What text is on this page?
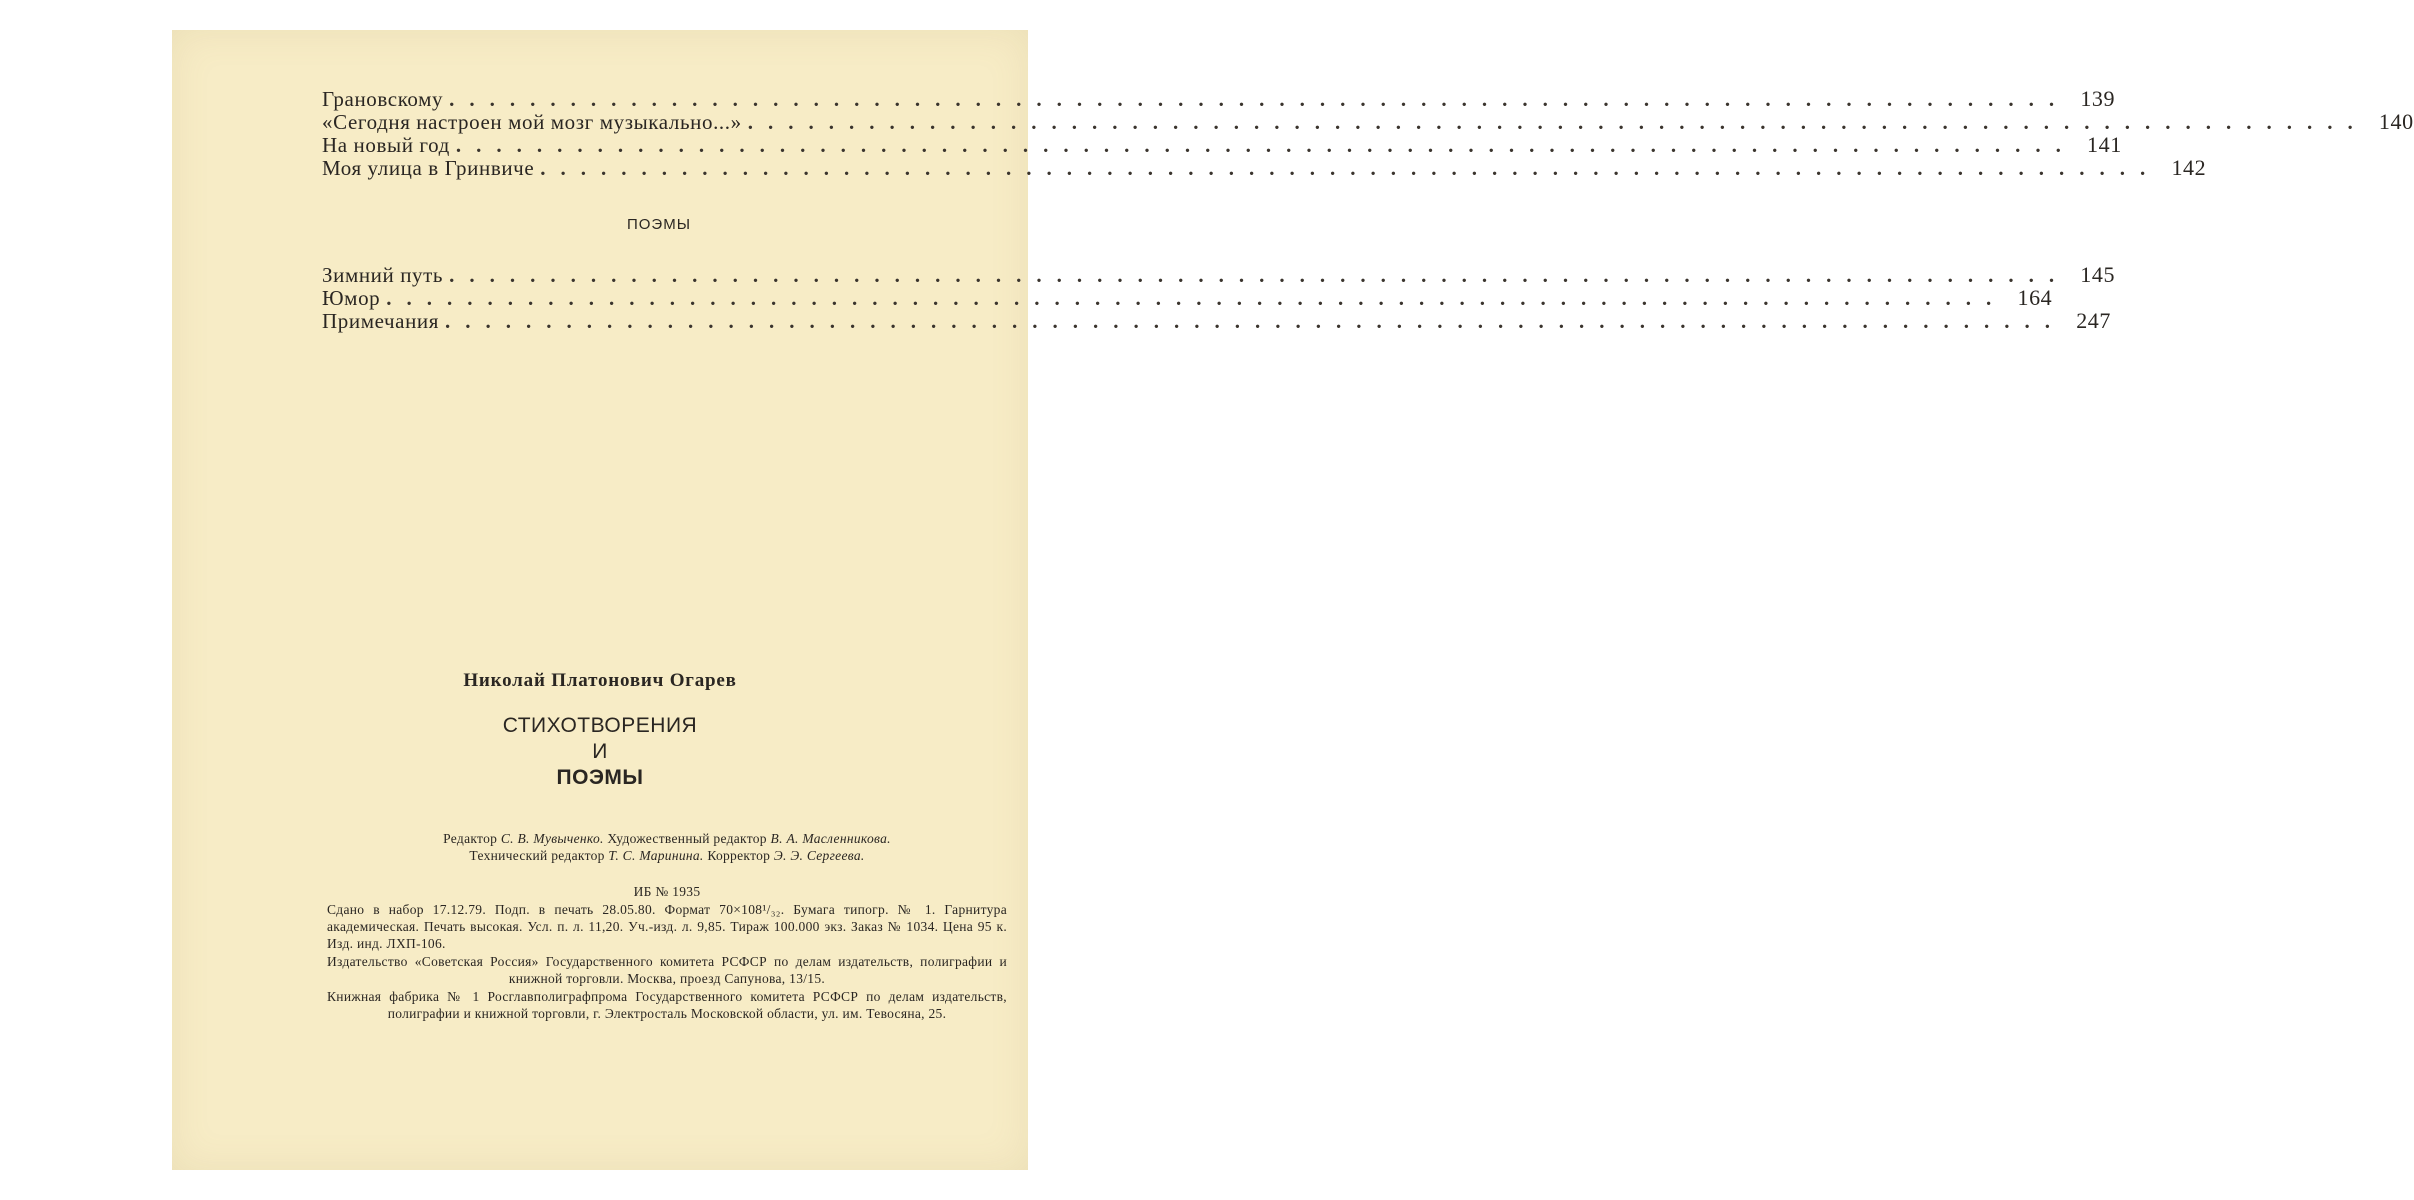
Грановскому ................................................................................ 139
«Сегодня настроен мой мозг музыкально...» ................................................................................ 140
На новый год ................................................................................ 141
Моя улица в Гринвиче ................................................................................ 142
ПОЭМЫ
Зимний путь ................................................................................ 145
Юмор ................................................................................ 164
Примечания ................................................................................ 247
Николай Платонович Огарев
СТИХОТВОРЕНИЯ
И
ПОЭМЫ

Редактор С. В. Мувыченко. Художественный редактор В. А. Масленникова.

Технический редактор Т. С. Маринина. Корректор Э. Э. Сергеева.

ИБ № 1935
Сдано в набор 17.12.79. Подп. в печать 28.05.80. Формат 70×108¹/₃₂. Бумага типогр. № 1. Гарнитура академическая. Печать высокая. Усл. п. л. 11,20. Уч.-изд. л. 9,85. Тираж 100.000 экз. Заказ № 1034. Цена 95 к. Изд. инд. ЛХП-106.
Издательство «Советская Россия» Государственного комитета РСФСР по делам издательств, полиграфии и книжной торговли. Москва, проезд Сапунова, 13/15.
Книжная фабрика № 1 Росглавполиграфпрома Государственного комитета РСФСР по делам издательств, полиграфии и книжной торговли, г. Электросталь Московской области, ул. им. Тевосяна, 25.
